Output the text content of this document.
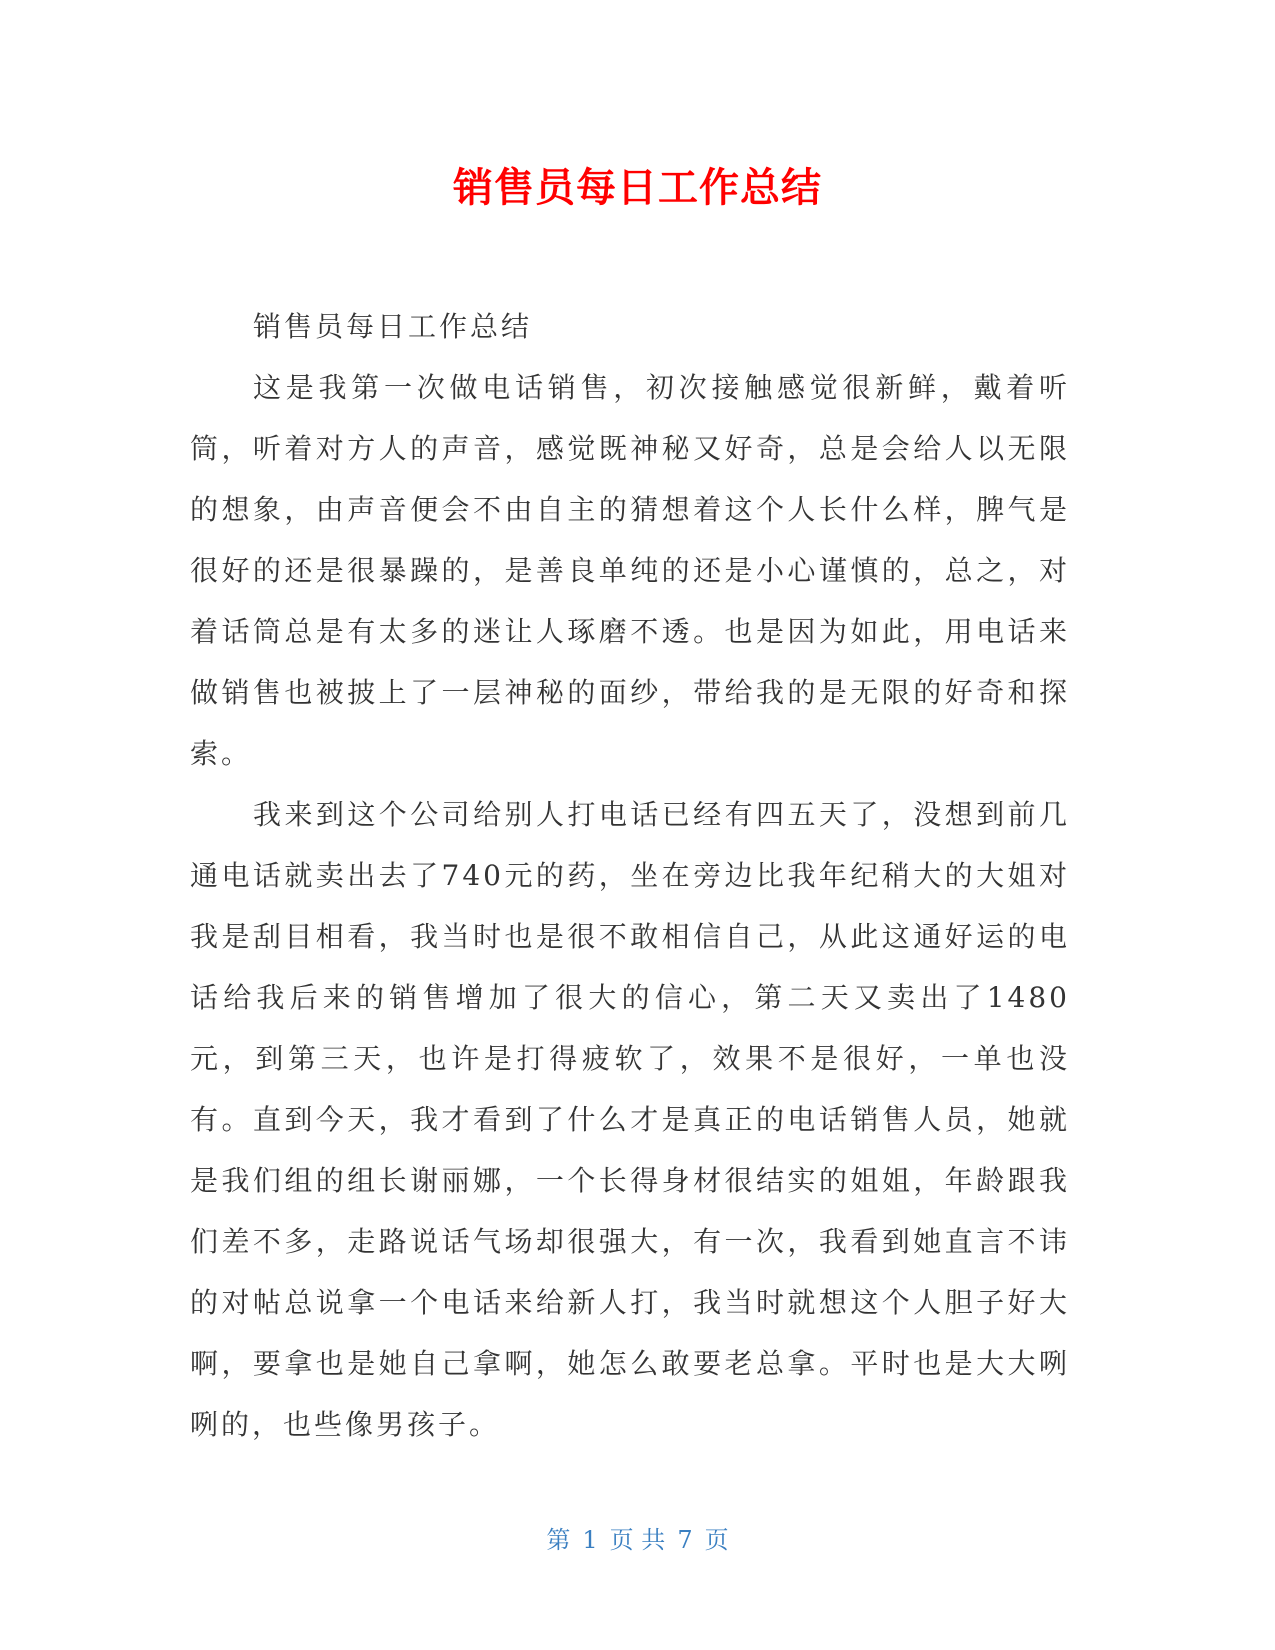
销售员每日工作总结

销售员每日工作总结

这是我第一次做电话销售，初次接触感觉很新鲜，戴着听筒，听着对方人的声音，感觉既神秘又好奇，总是会给人以无限的想象，由声音便会不由自主的猜想着这个人长什么样，脾气是很好的还是很暴躁的，是善良单纯的还是小心谨慎的，总之，对着话筒总是有太多的迷让人琢磨不透。也是因为如此，用电话来做销售也被披上了一层神秘的面纱，带给我的是无限的好奇和探索。

我来到这个公司给别人打电话已经有四五天了，没想到前几通电话就卖出去了740元的药，坐在旁边比我年纪稍大的大姐对我是刮目相看，我当时也是很不敢相信自己，从此这通好运的电话给我后来的销售增加了很大的信心，第二天又卖出了1480元，到第三天，也许是打得疲软了，效果不是很好，一单也没有。直到今天，我才看到了什么才是真正的电话销售人员，她就是我们组的组长谢丽娜，一个长得身材很结实的姐姐，年龄跟我们差不多，走路说话气场却很强大，有一次，我看到她直言不讳的对帖总说拿一个电话来给新人打，我当时就想这个人胆子好大啊，要拿也是她自己拿啊，她怎么敢要老总拿。平时也是大大咧咧的，也些像男孩子。

第 1 页 共 7 页
